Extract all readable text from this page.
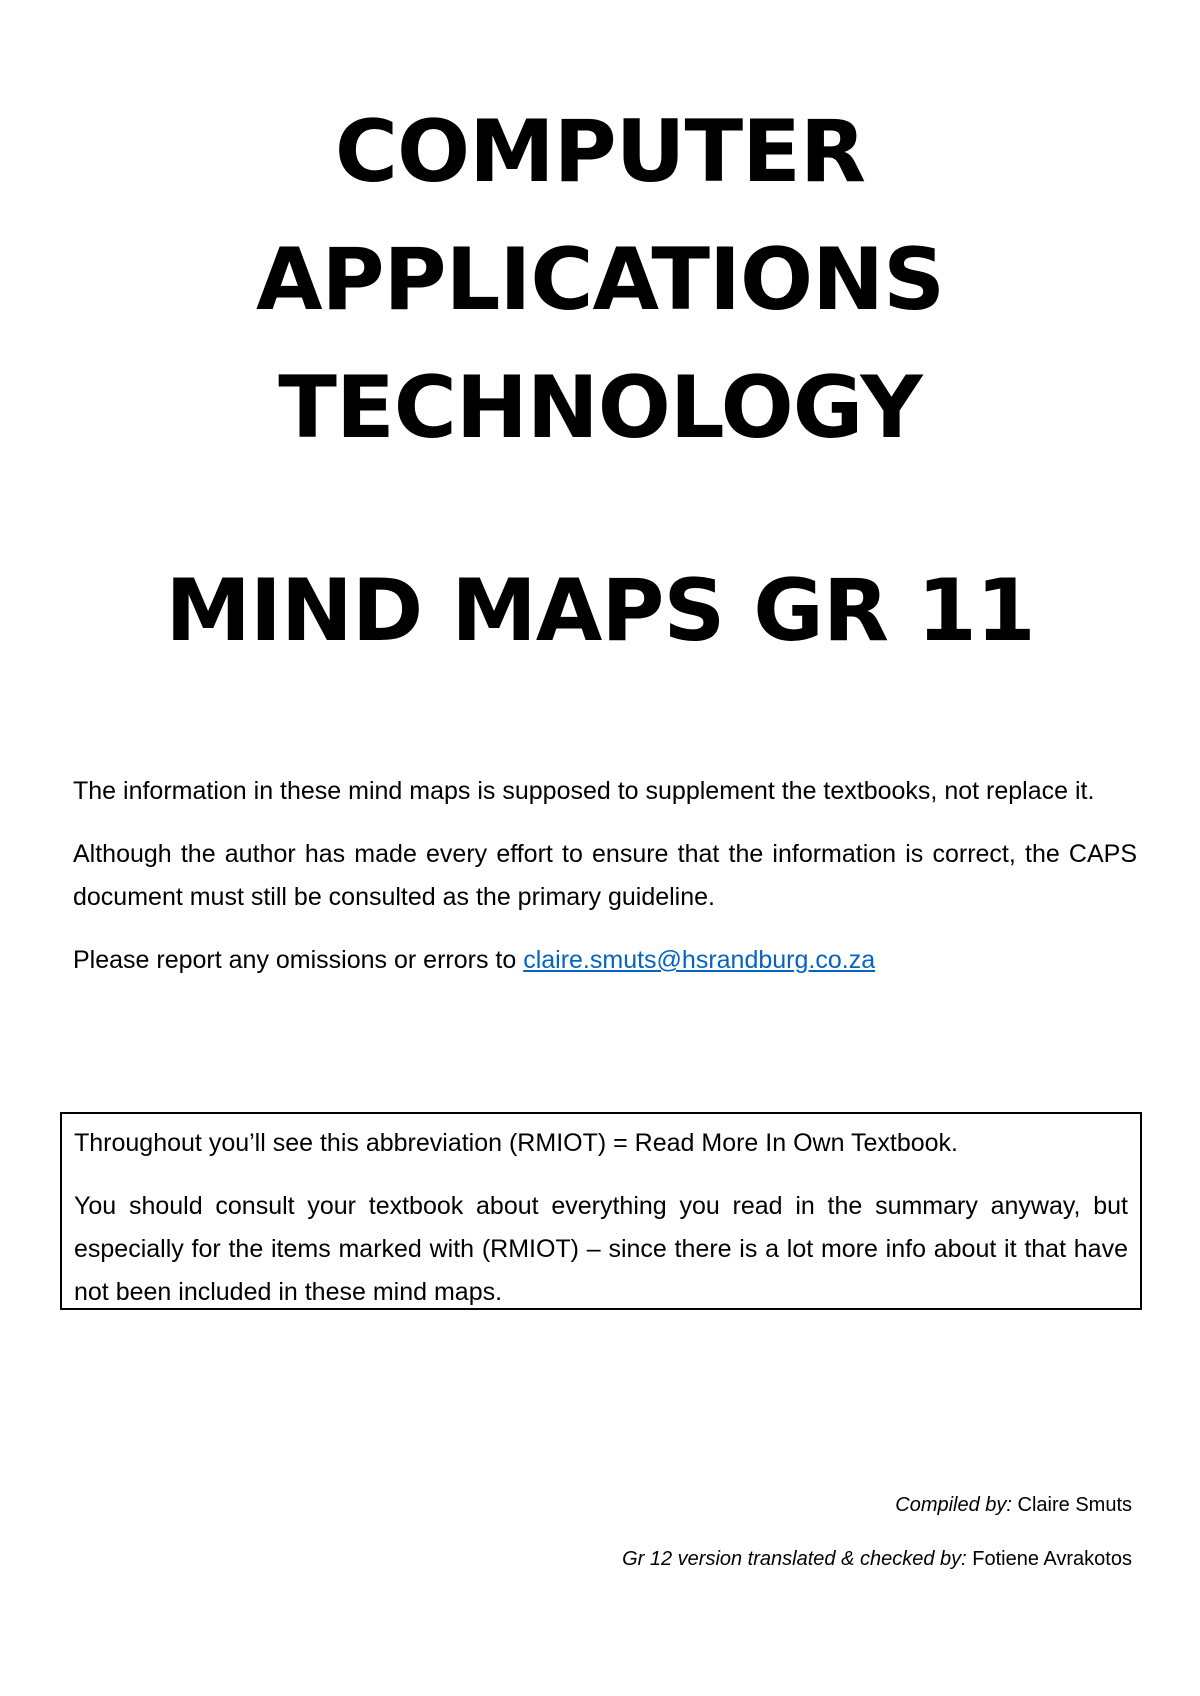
COMPUTER
APPLICATIONS
TECHNOLOGY
MIND MAPS GR 11

The information in these mind maps is supposed to supplement the textbooks, not replace it.

Although the author has made every effort to ensure that the information is correct, the CAPS document must still be consulted as the primary guideline.

Please report any omissions or errors to claire.smuts@hsrandburg.co.za

Throughout you’ll see this abbreviation (RMIOT) = Read More In Own Textbook.

You should consult your textbook about everything you read in the summary anyway, but especially for the items marked with (RMIOT) – since there is a lot more info about it that have not been included in these mind maps.

Compiled by: Claire Smuts

Gr 12 version translated & checked by: Fotiene Avrakotos
